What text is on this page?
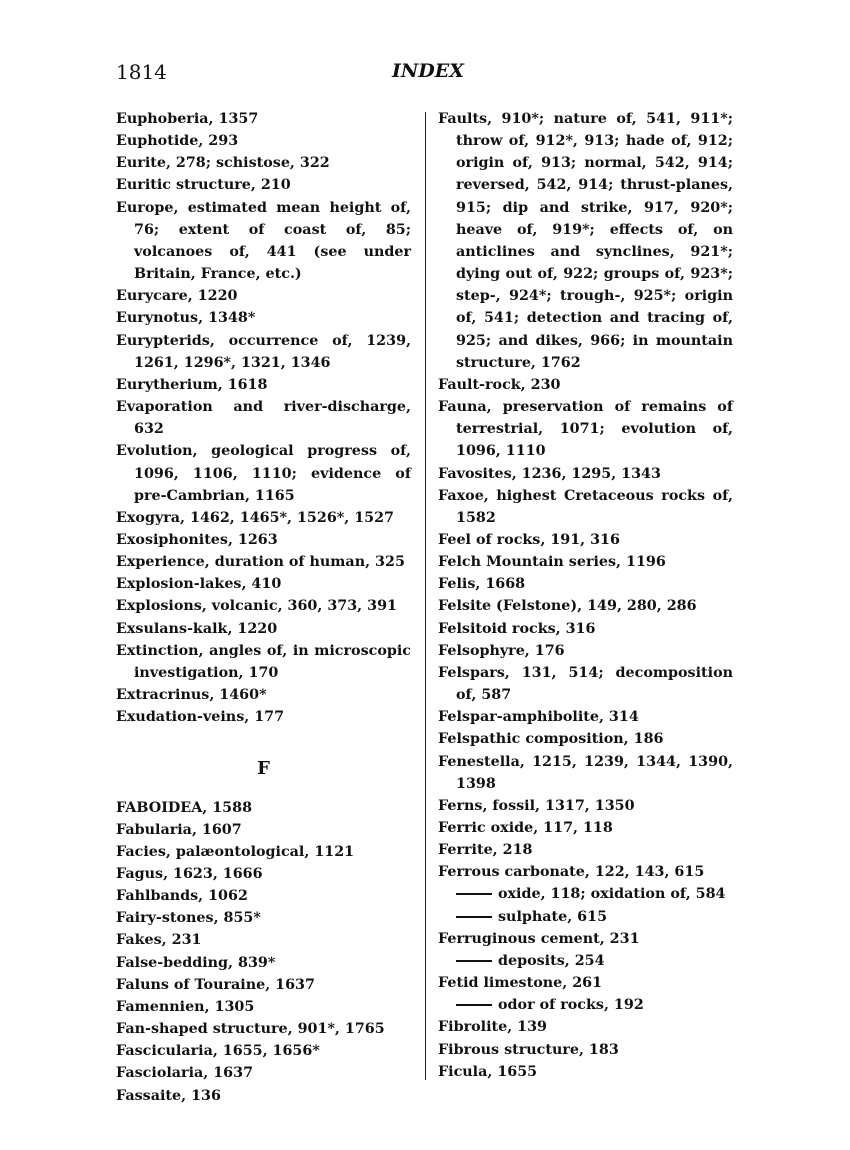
1814	INDEX
Euphoberia, 1357
Euphotide, 293
Eurite, 278; schistose, 322
Euritic structure, 210
Europe, estimated mean height of, 76; extent of coast of, 85; volcanoes of, 441 (see under Britain, France, etc.)
Eurycare, 1220
Eurynotus, 1348*
Eurypterids, occurrence of, 1239, 1261, 1296*, 1321, 1346
Eurytherium, 1618
Evaporation and river-discharge, 632
Evolution, geological progress of, 1096, 1106, 1110; evidence of pre-Cambrian, 1165
Exogyra, 1462, 1465*, 1526*, 1527
Exosiphonites, 1263
Experience, duration of human, 325
Explosion-lakes, 410
Explosions, volcanic, 360, 373, 391
Exsulans-kalk, 1220
Extinction, angles of, in microscopic investigation, 170
Extracrinus, 1460*
Exudation-veins, 177
F
FABOIDEA, 1588
Fabularia, 1607
Facies, palæontological, 1121
Fagus, 1623, 1666
Fahlbands, 1062
Fairy-stones, 855*
Fakes, 231
False-bedding, 839*
Faluns of Touraine, 1637
Famennien, 1305
Fan-shaped structure, 901*, 1765
Fascicularia, 1655, 1656*
Fasciolaria, 1637
Fassaite, 136
Faults, 910*; nature of, 541, 911*; throw of, 912*, 913; hade of, 912; origin of, 913; normal, 542, 914; reversed, 542, 914; thrust-planes, 915; dip and strike, 917, 920*; heave of, 919*; effects of, on anticlines and synclines, 921*; dying out of, 922; groups of, 923*; step-, 924*; trough-, 925*; origin of, 541; detection and tracing of, 925; and dikes, 966; in mountain structure, 1762
Fault-rock, 230
Fauna, preservation of remains of terrestrial, 1071; evolution of, 1096, 1110
Favosites, 1236, 1295, 1343
Faxoe, highest Cretaceous rocks of, 1582
Feel of rocks, 191, 316
Felch Mountain series, 1196
Felis, 1668
Felsite (Felstone), 149, 280, 286
Felsitoid rocks, 316
Felsophyre, 176
Felspars, 131, 514; decomposition of, 587
Felspar-amphibolite, 314
Felspathic composition, 186
Fenestella, 1215, 1239, 1344, 1390, 1398
Ferns, fossil, 1317, 1350
Ferric oxide, 117, 118
Ferrite, 218
Ferrous carbonate, 122, 143, 615
oxide, 118; oxidation of, 584
sulphate, 615
Ferruginous cement, 231
deposits, 254
Fetid limestone, 261
odor of rocks, 192
Fibrolite, 139
Fibrous structure, 183
Ficula, 1655
